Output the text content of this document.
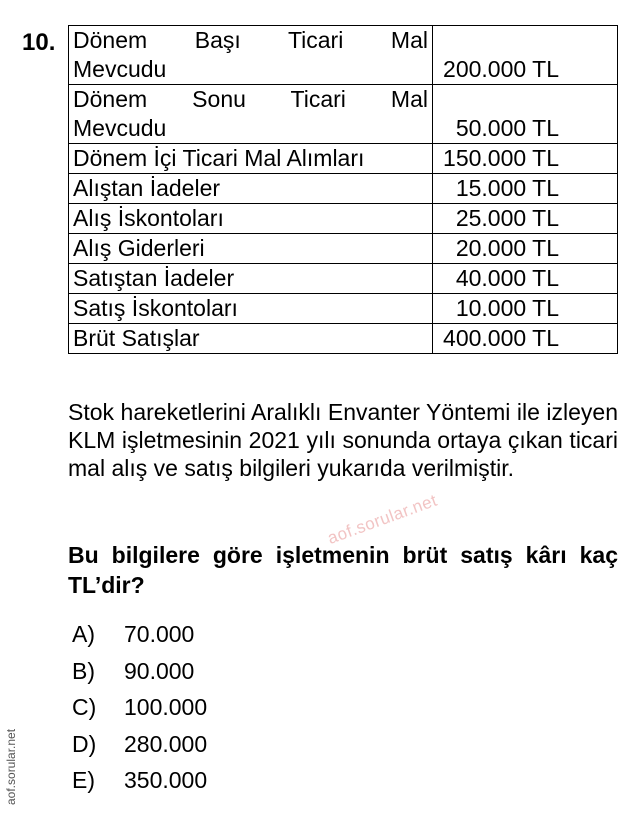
10. Dönem Başı Ticari Mal
Mevcudu	200.000 TL

Dönem Sonu Ticari Mal
Mevcudu	50.000 TL
Dönem İçi Ticari Mal Alımları	150.000 TL
Alıştan İadeler	15.000 TL
Alış İskontoları	25.000 TL
Alış Giderleri	20.000 TL
Satıştan İadeler	40.000 TL
Satış İskontoları	10.000 TL
Brüt Satışlar	400.000 TL

Stok hareketlerini Aralıklı Envanter Yöntemi ile izleyen KLM işletmesinin 2021 yılı sonunda ortaya çıkan ticari mal alış ve satış bilgileri yukarıda verilmiştir.

aof.sorular.net

Bu bilgilere göre işletmenin brüt satış kârı kaç TL’dir?

A)	70.000
B)	90.000
C)	100.000
D)	280.000
E)	350.000
aof.sorular.net
